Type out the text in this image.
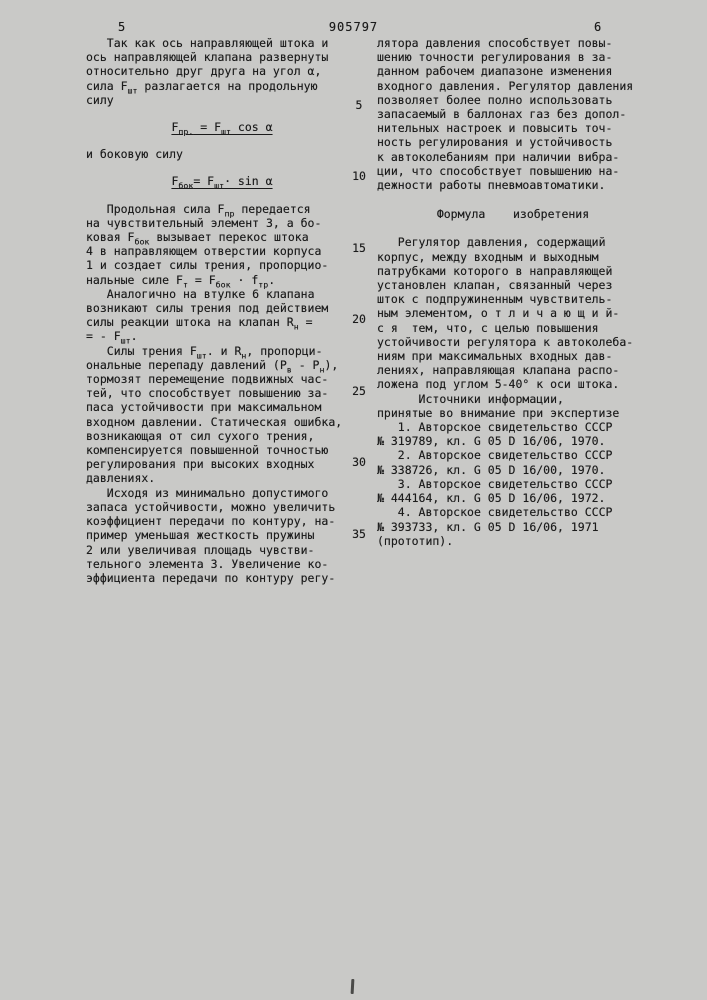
5	905797	6

Так как ось направляющей штока и
ось направляющей клапана развернуты
относительно друг друга на угол α,
сила $F_{шт}$ разлагается на продольную
силу

$F_{пр.} = F_{шт}$ cos α

и боковую силу

$F_{бок}= F_{шт}\cdot \sin \alpha$

Продольная сила $F_{пр}$ передается
на чувствительный элемент 3, а бо-
ковая $F_{бок}$ вызывает перекос штока
4 в направляющем отверстии корпуса
1 и создает силы трения, пропорцио-
нальные силе $F_т = F_{бок} \cdot f_{тр}$.

Аналогично на втулке 6 клапана
возникают силы трения под действием
силы реакции штока на клапан $R_н$ =
= - $F_{шт}$.

Силы трения $F_{шт}$. и $R_н$, пропорци-
ональные перепаду давлений $(Р_в - Р_н)$,
тормозят перемещение подвижных час-
тей, что способствует повышению за-
паса устойчивости при максимальном
входном давлении. Статическая ошибка,
возникающая от сил сухого трения,
компенсируется повышенной точностью
регулирования при высоких входных
давлениях.

Исходя из минимально допустимого
запаса устойчивости, можно увеличить
коэффициент передачи по контуру, на-
пример уменьшая жесткость пружины
2 или увеличивая площадь чувстви-
тельного элемента 3. Увеличение ко-
эффициента передачи по контуру регу-

5
10
15
20
25
30
35

лятора давления способствует повы-
шению точности регулирования в за-
данном рабочем диапазоне изменения
входного давления. Регулятор давления
позволяет более полно использовать
запасаемый в баллонах газ без допол-
нительных настроек и повысить точ-
ность регулирования и устойчивость
к автоколебаниям при наличии вибра-
ции, что способствует повышению на-
дежности работы пневмоавтоматики.

Формула    изобретения

Регулятор давления, содержащий
корпус, между входным и выходным
патрубками которого в направляющей
установлен клапан, связанный через
шток с подпружиненным чувствитель-
ным элементом, о т л и ч а ю щ и й-
с я  тем, что, с целью повышения
устойчивости регулятора к автоколеба-
ниям при максимальных входных дав-
лениях, направляющая клапана распо-
ложена под углом 5-40° к оси штока.

Источники информации,
принятые во внимание при экспертизе

1. Авторское свидетельство СССР
№ 319789, кл. G 05 D 16/06, 1970.

2. Авторское свидетельство СССР
№ 338726, кл. G 05 D 16/00, 1970.

3. Авторское свидетельство СССР
№ 444164, кл. G 05 D 16/06, 1972.

4. Авторское свидетельство СССР
№ 393733, кл. G 05 D 16/06, 1971
(прототип).
